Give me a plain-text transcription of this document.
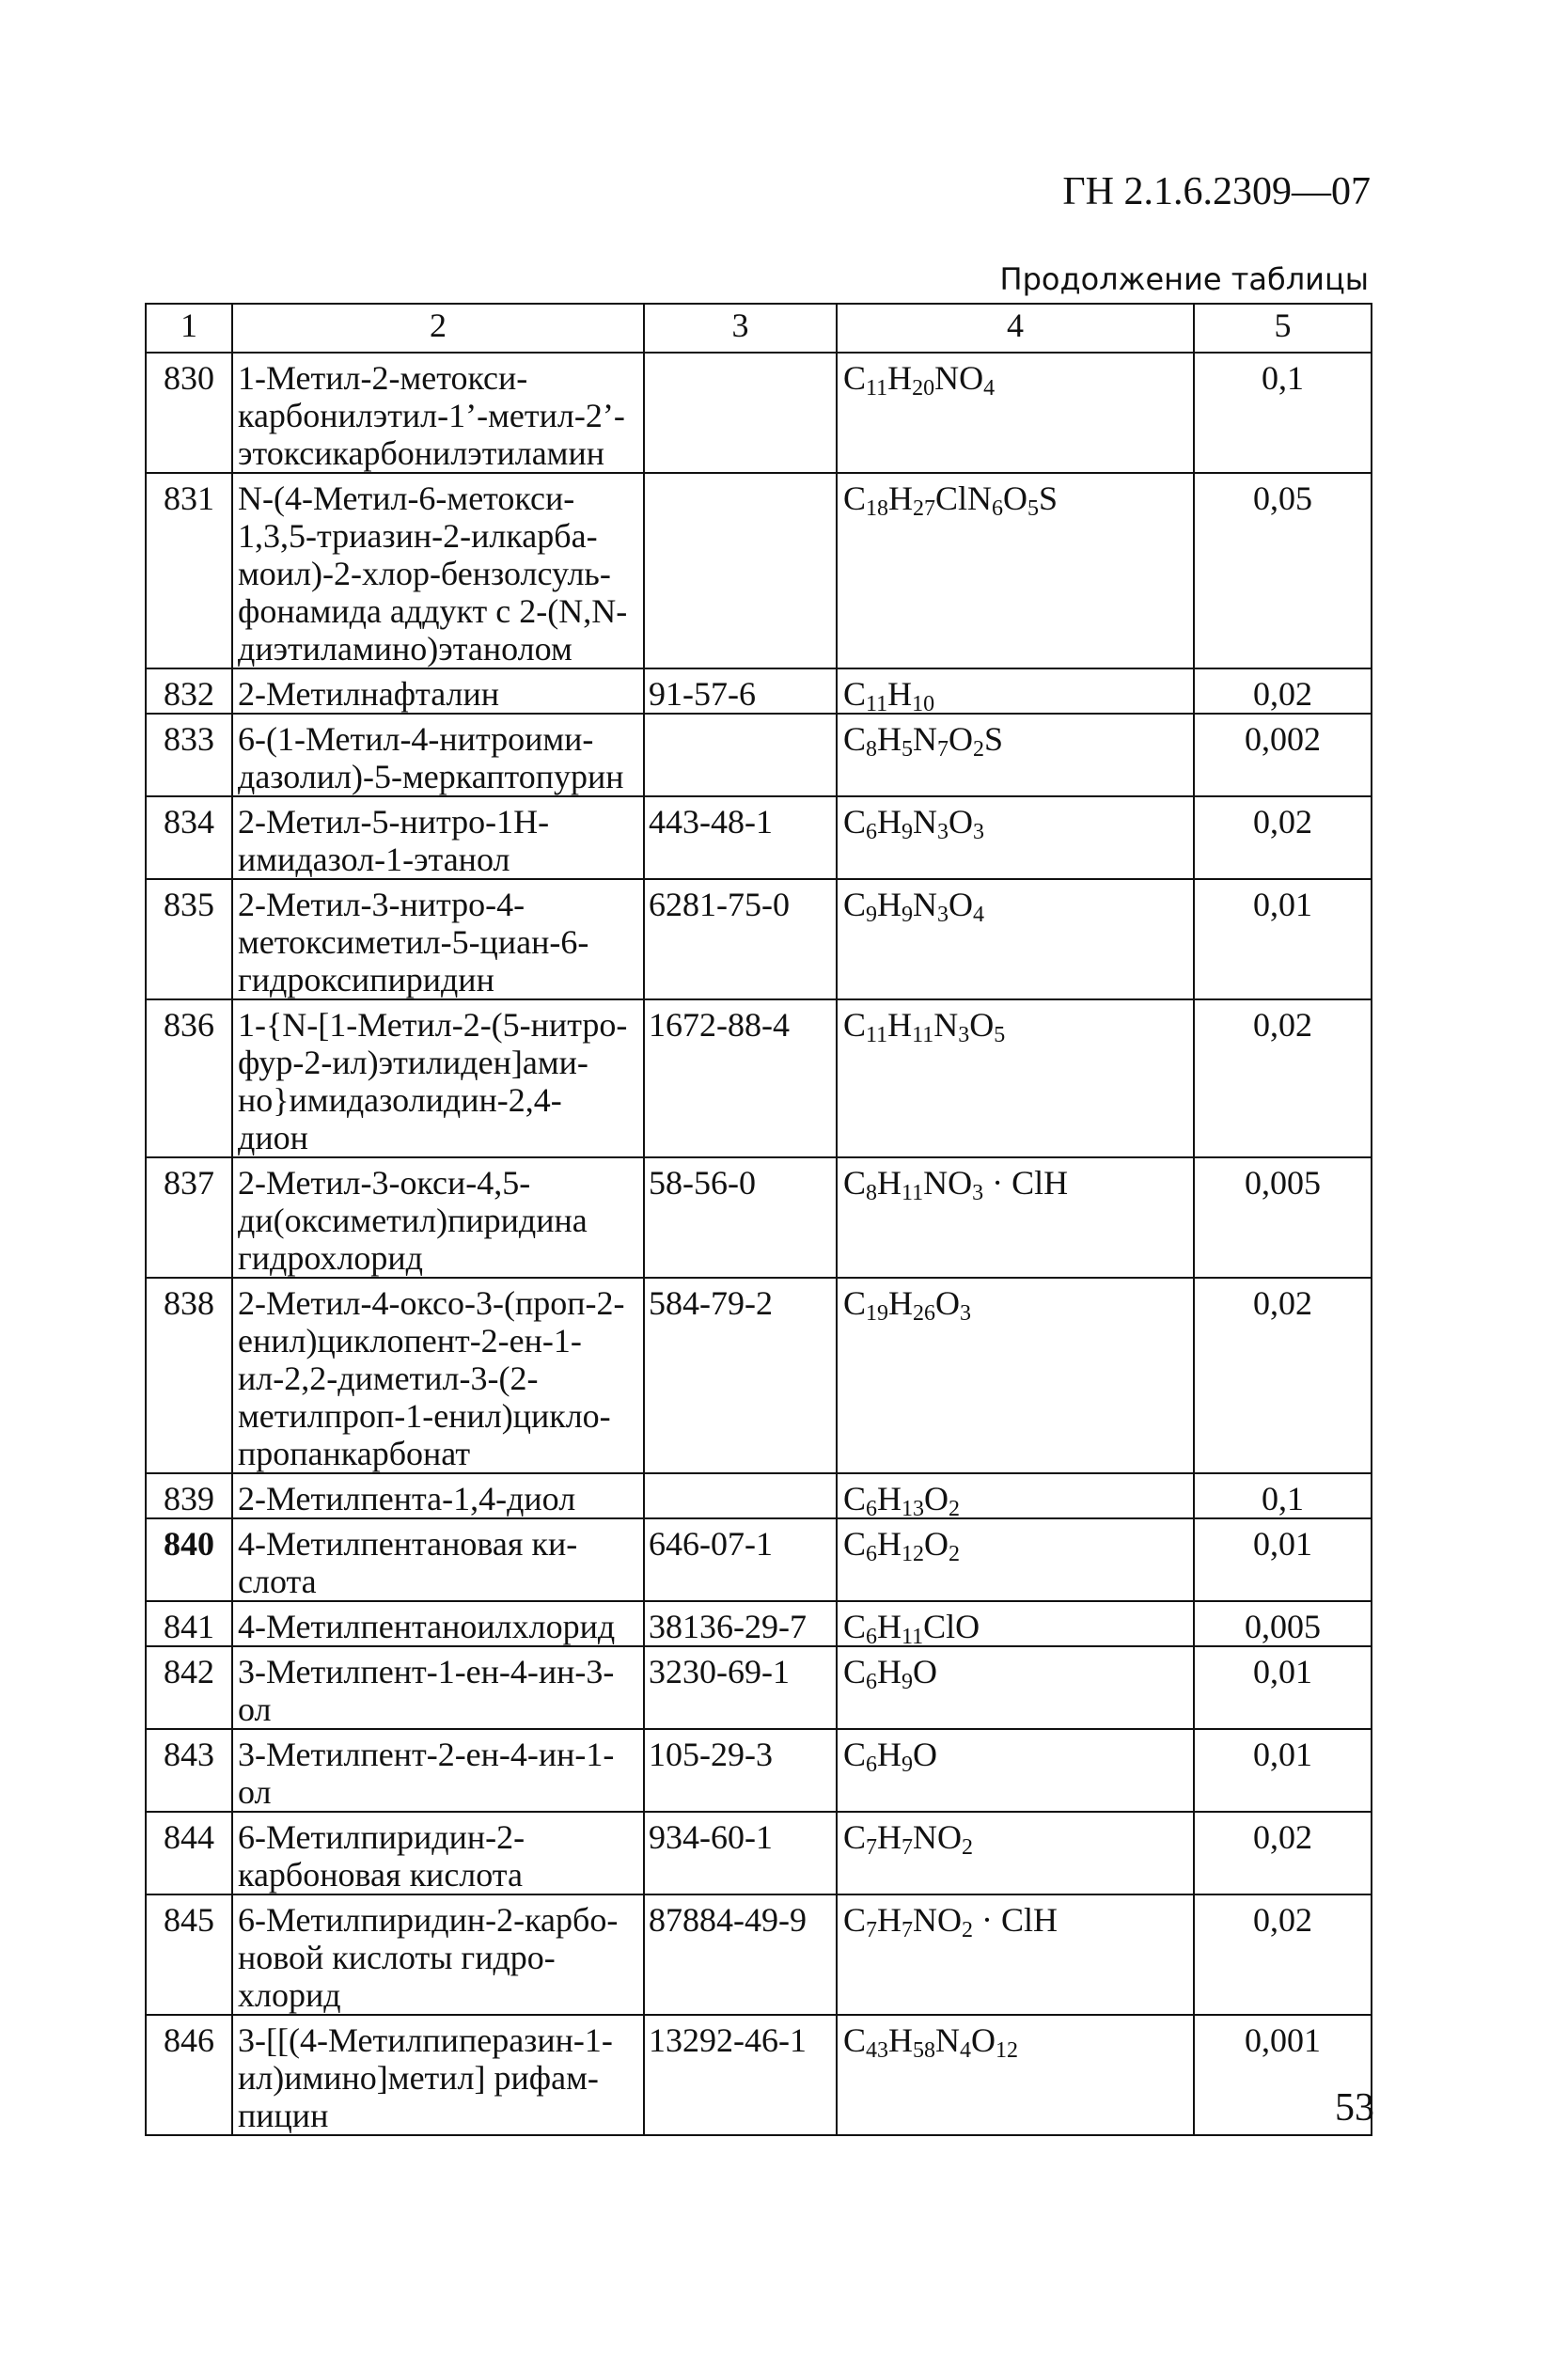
ГН 2.1.6.2309—07
Продолжение таблицы
1	2	3	4	5
830	1-Метил-2-метокси-
карбонилэтил-1’-метил-2’-
этоксикарбонилэтиламин		$C_{11}H_{20}NO_4$	0,1
831	N-(4-Метил-6-метокси-
1,3,5-триазин-2-илкарба-
моил)-2-хлор-бензолсуль-
фонамида аддукт с 2-(N,N-
диэтиламино)этанолом		$C_{18}H_{27}ClN_6O_5S$	0,05
832	2-Метилнафталин	91-57-6	$C_{11}H_{10}$	0,02
833	6-(1-Метил-4-нитроими-
дазолил)-5-меркаптопурин		$C_8H_5N_7O_2S$	0,002
834	2-Метил-5-нитро-1Н-
имидазол-1-этанол	443-48-1	$C_6H_9N_3O_3$	0,02
835	2-Метил-3-нитро-4-
метоксиметил-5-циан-6-
гидроксипиридин	6281-75-0	$C_9H_9N_3O_4$	0,01
836	1-{N-[1-Метил-2-(5-нитро-
фур-2-ил)этилиден]ами-
но}имидазолидин-2,4-
дион	1672-88-4	$C_{11}H_{11}N_3O_5$	0,02
837	2-Метил-3-окси-4,5-
ди(оксиметил)пиридина
гидрохлорид	58-56-0	$C_8H_{11}NO_3$ · ClH	0,005
838	2-Метил-4-оксо-3-(проп-2-
енил)циклопент-2-ен-1-
ил-2,2-диметил-3-(2-
метилпроп-1-енил)цикло-
пропанкарбонат	584-79-2	$C_{19}H_{26}O_3$	0,02
839	2-Метилпента-1,4-диол		$C_6H_{13}O_2$	0,1
840	4-Метилпентановая ки-
слота	646-07-1	$C_6H_{12}O_2$	0,01
841	4-Метилпентаноилхлорид	38136-29-7	$C_6H_{11}ClO$	0,005
842	3-Метилпент-1-ен-4-ин-3-ол	3230-69-1	$C_6H_9O$	0,01
843	3-Метилпент-2-ен-4-ин-1-ол	105-29-3	$C_6H_9O$	0,01
844	6-Метилпиридин-2-
карбоновая кислота	934-60-1	$C_7H_7NO_2$	0,02
845	6-Метилпиридин-2-карбо-
новой кислоты гидро-
хлорид	87884-49-9	$C_7H_7NO_2$ · ClH	0,02
846	3-[[(4-Метилпиперазин-1-
ил)имино]метил] рифам-
пицин	13292-46-1	$C_{43}H_{58}N_4O_{12}$	0,001
53
